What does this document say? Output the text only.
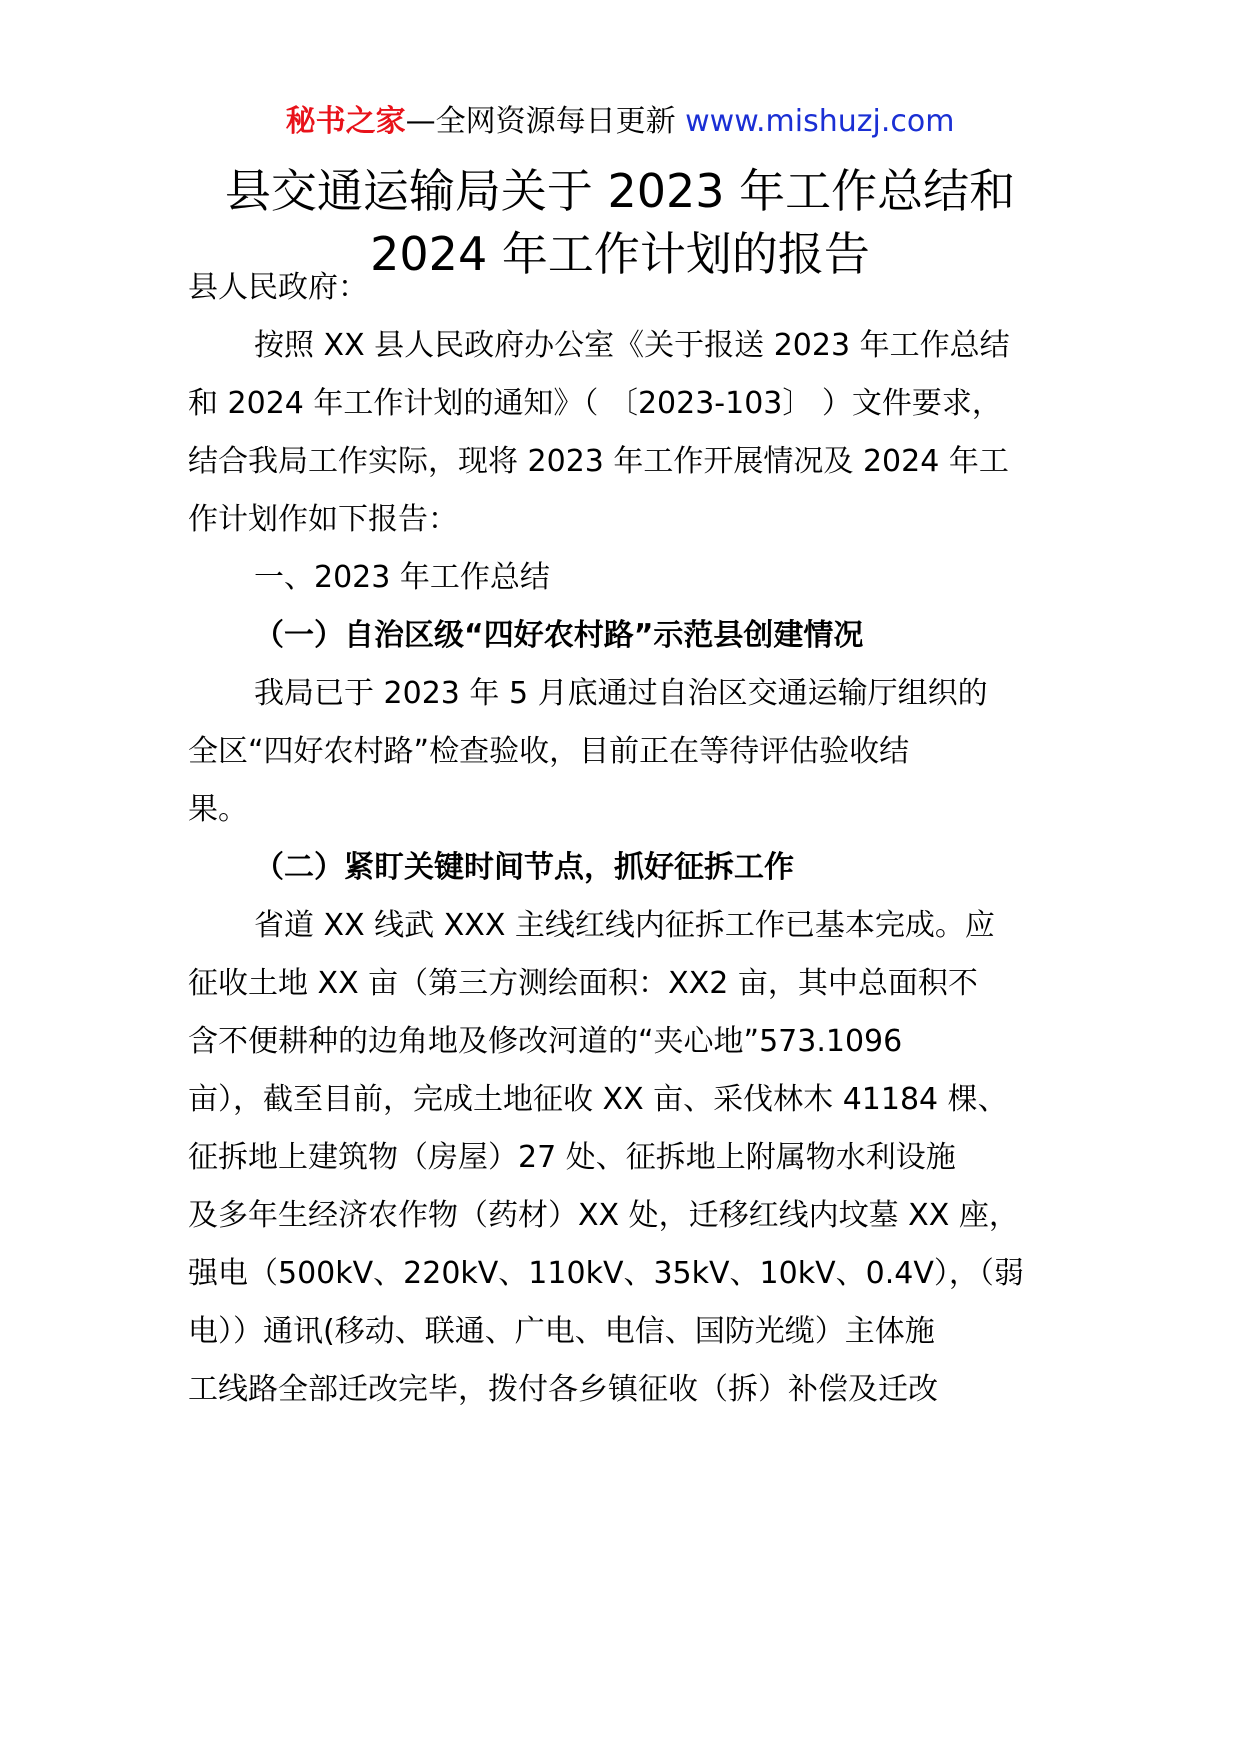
秘书之家—全网资源每日更新 www.mishuzj.com
县交通运输局关于 2023 年工作总结和
2024 年工作计划的报告
县人民政府：
按照 XX 县人民政府办公室《关于报送 2023 年工作总结
和 2024 年工作计划的通知》（ 〔2023-103〕 ）文件要求，
结合我局工作实际，现将 2023 年工作开展情况及 2024 年工
作计划作如下报告：
一、2023 年工作总结
（一）自治区级“四好农村路”示范县创建情况
我局已于 2023 年 5 月底通过自治区交通运输厅组织的
全区“四好农村路”检查验收，目前正在等待评估验收结
果。
（二）紧盯关键时间节点，抓好征拆工作
省道 XX 线武 XXX 主线红线内征拆工作已基本完成。应
征收土地 XX 亩（第三方测绘面积：XX2 亩，其中总面积不
含不便耕种的边角地及修改河道的“夹心地”573.1096
亩），截至目前，完成土地征收 XX 亩、采伐林木 41184 棵、
征拆地上建筑物（房屋）27 处、征拆地上附属物水利设施
及多年生经济农作物（药材）XX 处，迁移红线内坟墓 XX 座，
强电（500kV、220kV、110kV、35kV、10kV、0.4V），（弱
电））通讯(移动、联通、广电、电信、国防光缆）主体施
工线路全部迁改完毕，拨付各乡镇征收（拆）补偿及迁改
